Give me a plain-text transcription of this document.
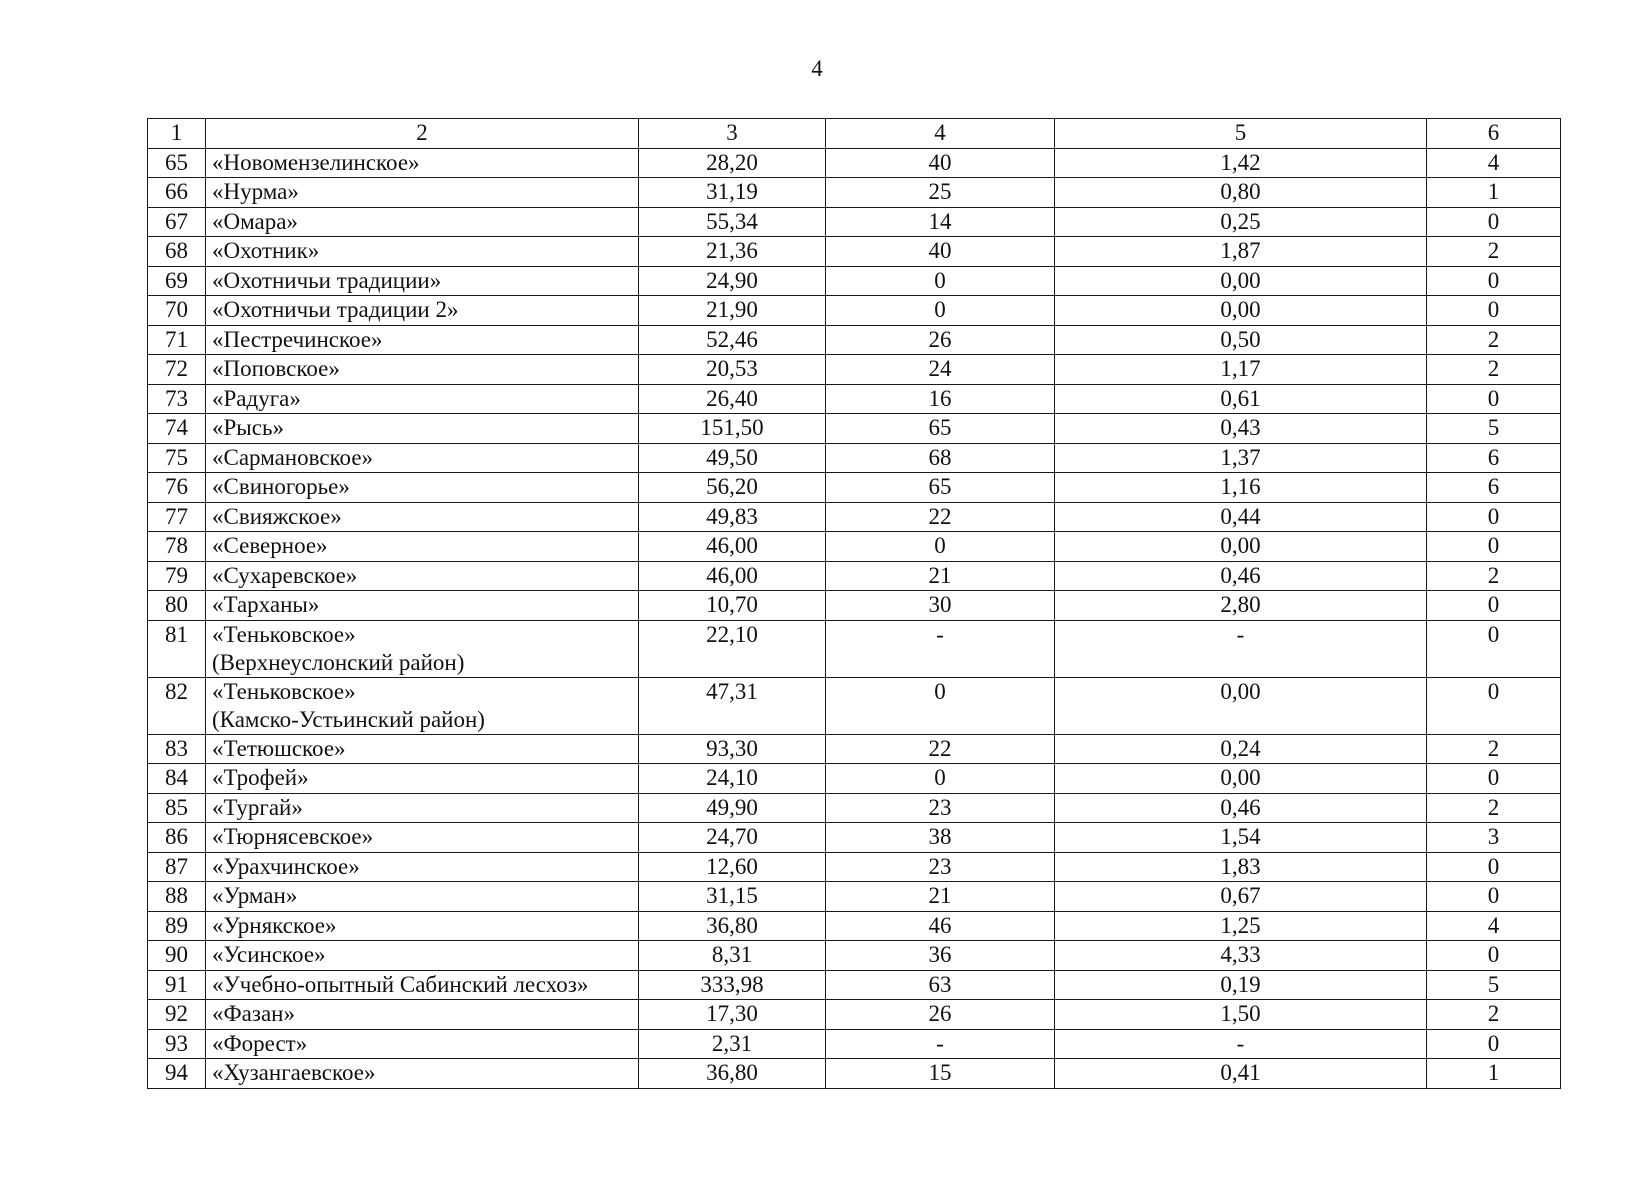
4
1	2	3	4	5	6
65	«Новомензелинское»	28,20	40	1,42	4
66	«Нурма»	31,19	25	0,80	1
67	«Омара»	55,34	14	0,25	0
68	«Охотник»	21,36	40	1,87	2
69	«Охотничьи традиции»	24,90	0	0,00	0
70	«Охотничьи традиции 2»	21,90	0	0,00	0
71	«Пестречинское»	52,46	26	0,50	2
72	«Поповское»	20,53	24	1,17	2
73	«Радуга»	26,40	16	0,61	0
74	«Рысь»	151,50	65	0,43	5
75	«Сармановское»	49,50	68	1,37	6
76	«Свиногорье»	56,20	65	1,16	6
77	«Свияжское»	49,83	22	0,44	0
78	«Северное»	46,00	0	0,00	0
79	«Сухаревское»	46,00	21	0,46	2
80	«Тарханы»	10,70	30	2,80	0
81	«Теньковское»
(Верхнеуслонский район)	22,10	-	-	0
82	«Теньковское»
(Камско-Устьинский район)	47,31	0	0,00	0
83	«Тетюшское»	93,30	22	0,24	2
84	«Трофей»	24,10	0	0,00	0
85	«Тургай»	49,90	23	0,46	2
86	«Тюрнясевское»	24,70	38	1,54	3
87	«Урахчинское»	12,60	23	1,83	0
88	«Урман»	31,15	21	0,67	0
89	«Урнякское»	36,80	46	1,25	4
90	«Усинское»	8,31	36	4,33	0
91	«Учебно-опытный Сабинский лесхоз»	333,98	63	0,19	5
92	«Фазан»	17,30	26	1,50	2
93	«Форест»	2,31	-	-	0
94	«Хузангаевское»	36,80	15	0,41	1
